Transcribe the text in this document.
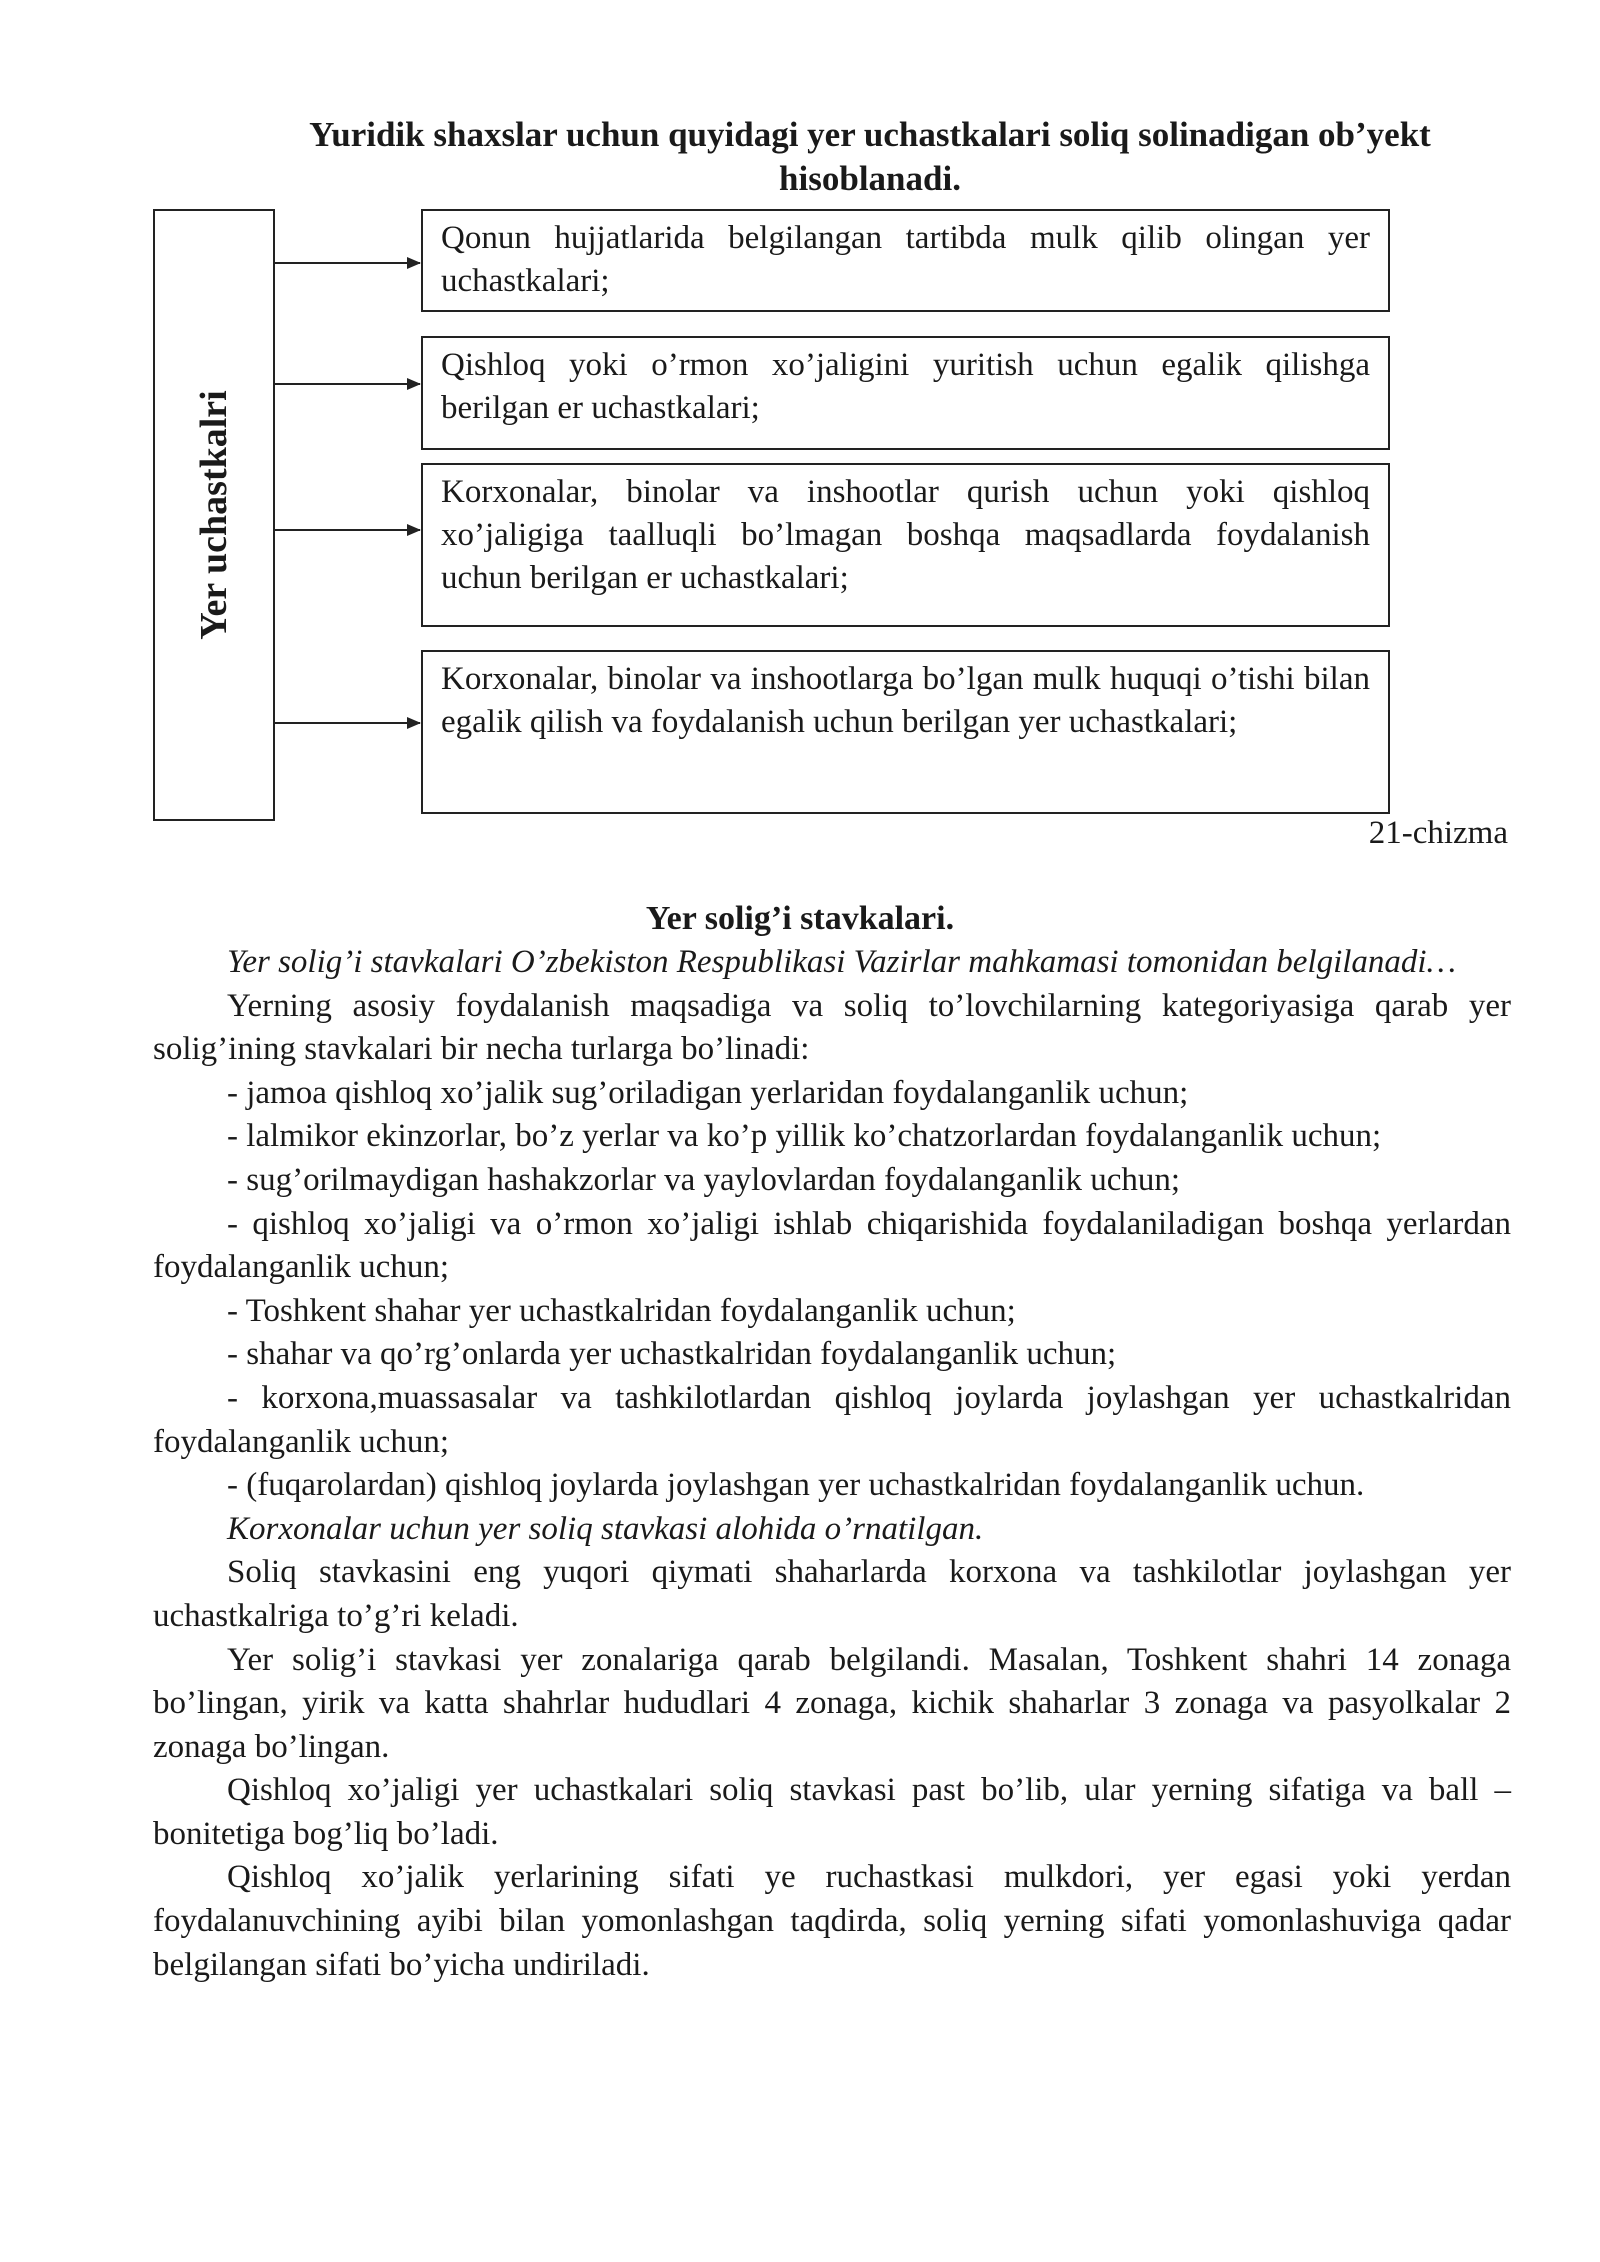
Yuridik shaxslar uchun quyidagi yer uchastkalari soliq solinadigan ob’yekt hisoblanadi.
Yer uchastkalri
Qonun hujjatlarida belgilangan tartibda mulk qilib olingan yer uchastkalari;
Qishloq yoki o’rmon xo’jaligini yuritish uchun egalik qilishga berilgan er uchastkalari;
Korxonalar, binolar va inshootlar qurish uchun yoki qishloq xo’jaligiga taalluqli bo’lmagan boshqa maqsadlarda foydalanish uchun berilgan er uchastkalari;
Korxonalar, binolar va inshootlarga bo’lgan mulk huquqi o’tishi bilan egalik qilish va foydalanish uchun berilgan yer uchastkalari;
21-chizma
Yer solig’i stavkalari.

Yer solig’i stavkalari O’zbekiston Respublikasi Vazirlar mahkamasi tomonidan belgilanadi…

Yerning asosiy foydalanish maqsadiga va soliq to’lovchilarning kategoriyasiga qarab yer solig’ining stavkalari bir necha turlarga bo’linadi:

- jamoa qishloq xo’jalik sug’oriladigan yerlaridan foydalanganlik uchun;

- lalmikor ekinzorlar, bo’z yerlar va ko’p yillik ko’chatzorlardan foydalanganlik uchun;

- sug’orilmaydigan hashakzorlar va yaylovlardan foydalanganlik uchun;

- qishloq xo’jaligi va o’rmon xo’jaligi ishlab chiqarishida foydalaniladigan boshqa yerlardan foydalanganlik uchun;

- Toshkent shahar yer uchastkalridan foydalanganlik uchun;

- shahar va qo’rg’onlarda yer uchastkalridan foydalanganlik uchun;

- korxona,muassasalar va tashkilotlardan qishloq joylarda joylashgan yer uchastkalridan foydalanganlik uchun;

- (fuqarolardan) qishloq joylarda joylashgan yer uchastkalridan foydalanganlik uchun.

Korxonalar uchun yer soliq stavkasi alohida o’rnatilgan.

Soliq stavkasini eng yuqori qiymati shaharlarda korxona va tashkilotlar joylashgan yer uchastkalriga to’g’ri keladi.

Yer solig’i stavkasi yer zonalariga qarab belgilandi. Masalan, Toshkent shahri 14 zonaga bo’lingan, yirik va katta shahrlar hududlari 4 zonaga, kichik shaharlar 3 zonaga va pasyolkalar 2 zonaga bo’lingan.

Qishloq xo’jaligi yer uchastkalari soliq stavkasi past bo’lib, ular yerning sifatiga va ball – bonitetiga bog’liq bo’ladi.

Qishloq xo’jalik yerlarining sifati ye ruchastkasi mulkdori, yer egasi yoki yerdan foydalanuvchining ayibi bilan yomonlashgan taqdirda, soliq yerning sifati yomonlashuviga qadar belgilangan sifati bo’yicha undiriladi.
